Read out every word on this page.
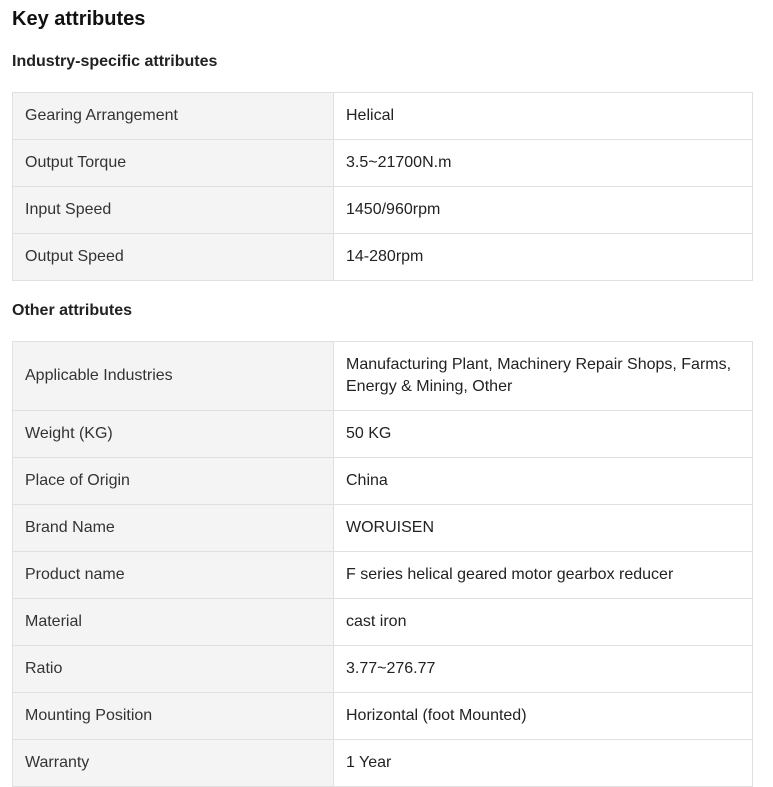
Key attributes
Industry-specific attributes
Gearing Arrangement	Helical
Output Torque	3.5~21700N.m
Input Speed	1450/960rpm
Output Speed	14-280rpm
Other attributes
Applicable Industries	Manufacturing Plant, Machinery Repair Shops, Farms, Energy & Mining, Other
Weight (KG)	50 KG
Place of Origin	China
Brand Name	WORUISEN
Product name	F series helical geared motor gearbox reducer
Material	cast iron
Ratio	3.77~276.77
Mounting Position	Horizontal (foot Mounted)
Warranty	1 Year
